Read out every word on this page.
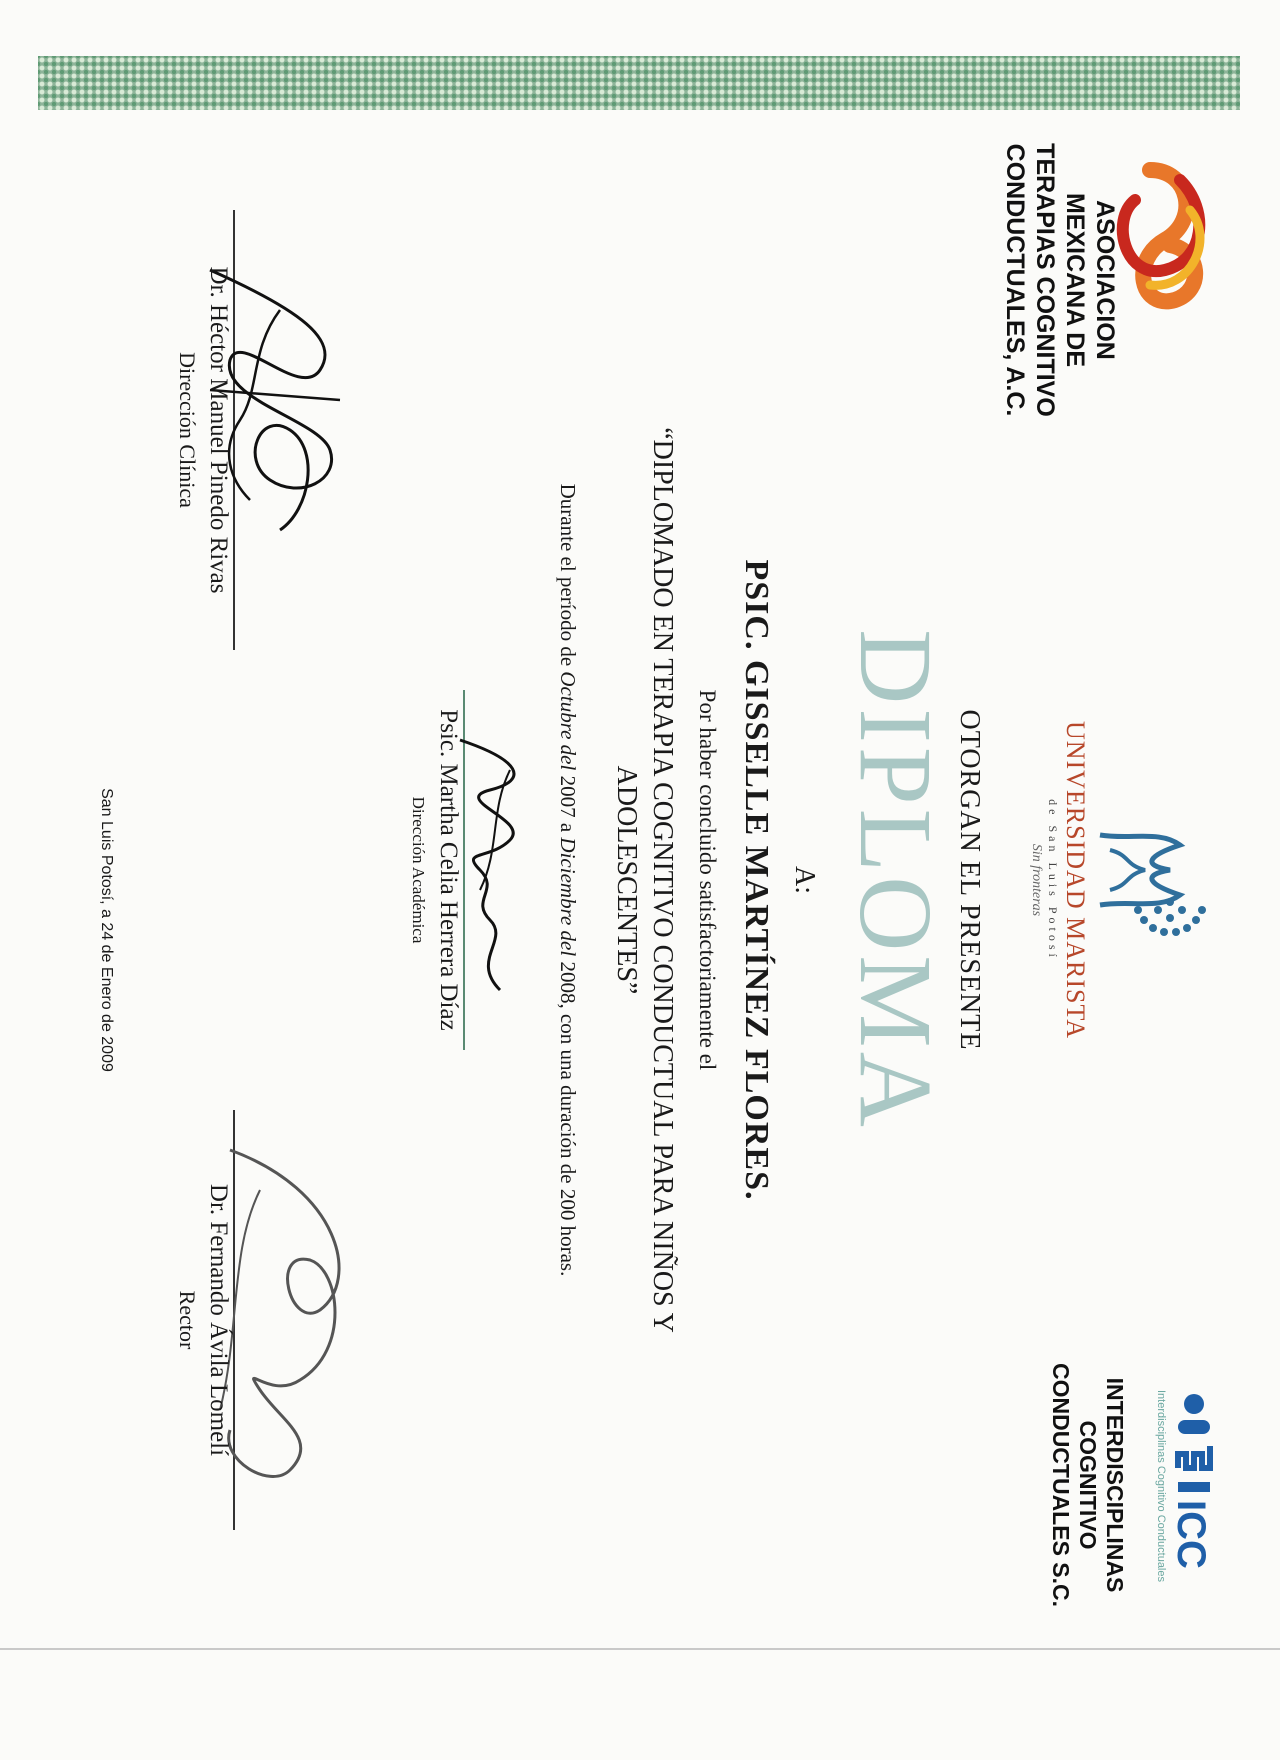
ASOCIACION
MEXICANA DE
TERAPIAS COGNITIVO
CONDUCTUALES, A.C.
UNIVERSIDAD MARISTA
de San Luis Potosí
Sin fronteras
ICC
Interdisciplinas Cognitivo Conductuales
INTERDISCIPLINAS
COGNITIVO
CONDUCTUALES S.C.
OTORGAN EL PRESENTE
DIPLOMA
A:
PSIC. GISSELLE MARTÍNEZ FLORES.
Por haber concluido satisfactoriamente el
“DIPLOMADO EN TERAPIA COGNITIVO CONDUCTUAL PARA NIÑOS Y
ADOLESCENTES”
Durante el período de Octubre del 2007 a Diciembre del 2008, con una duración de 200 horas.
Dr. Héctor Manuel Pinedo Rivas
Dirección Clínica
Psic. Martha Celia Herrera Díaz
Dirección Académica
Dr. Fernando Ávila Lomelí
Rector
San Luis Potosí, a 24 de Enero de 2009
